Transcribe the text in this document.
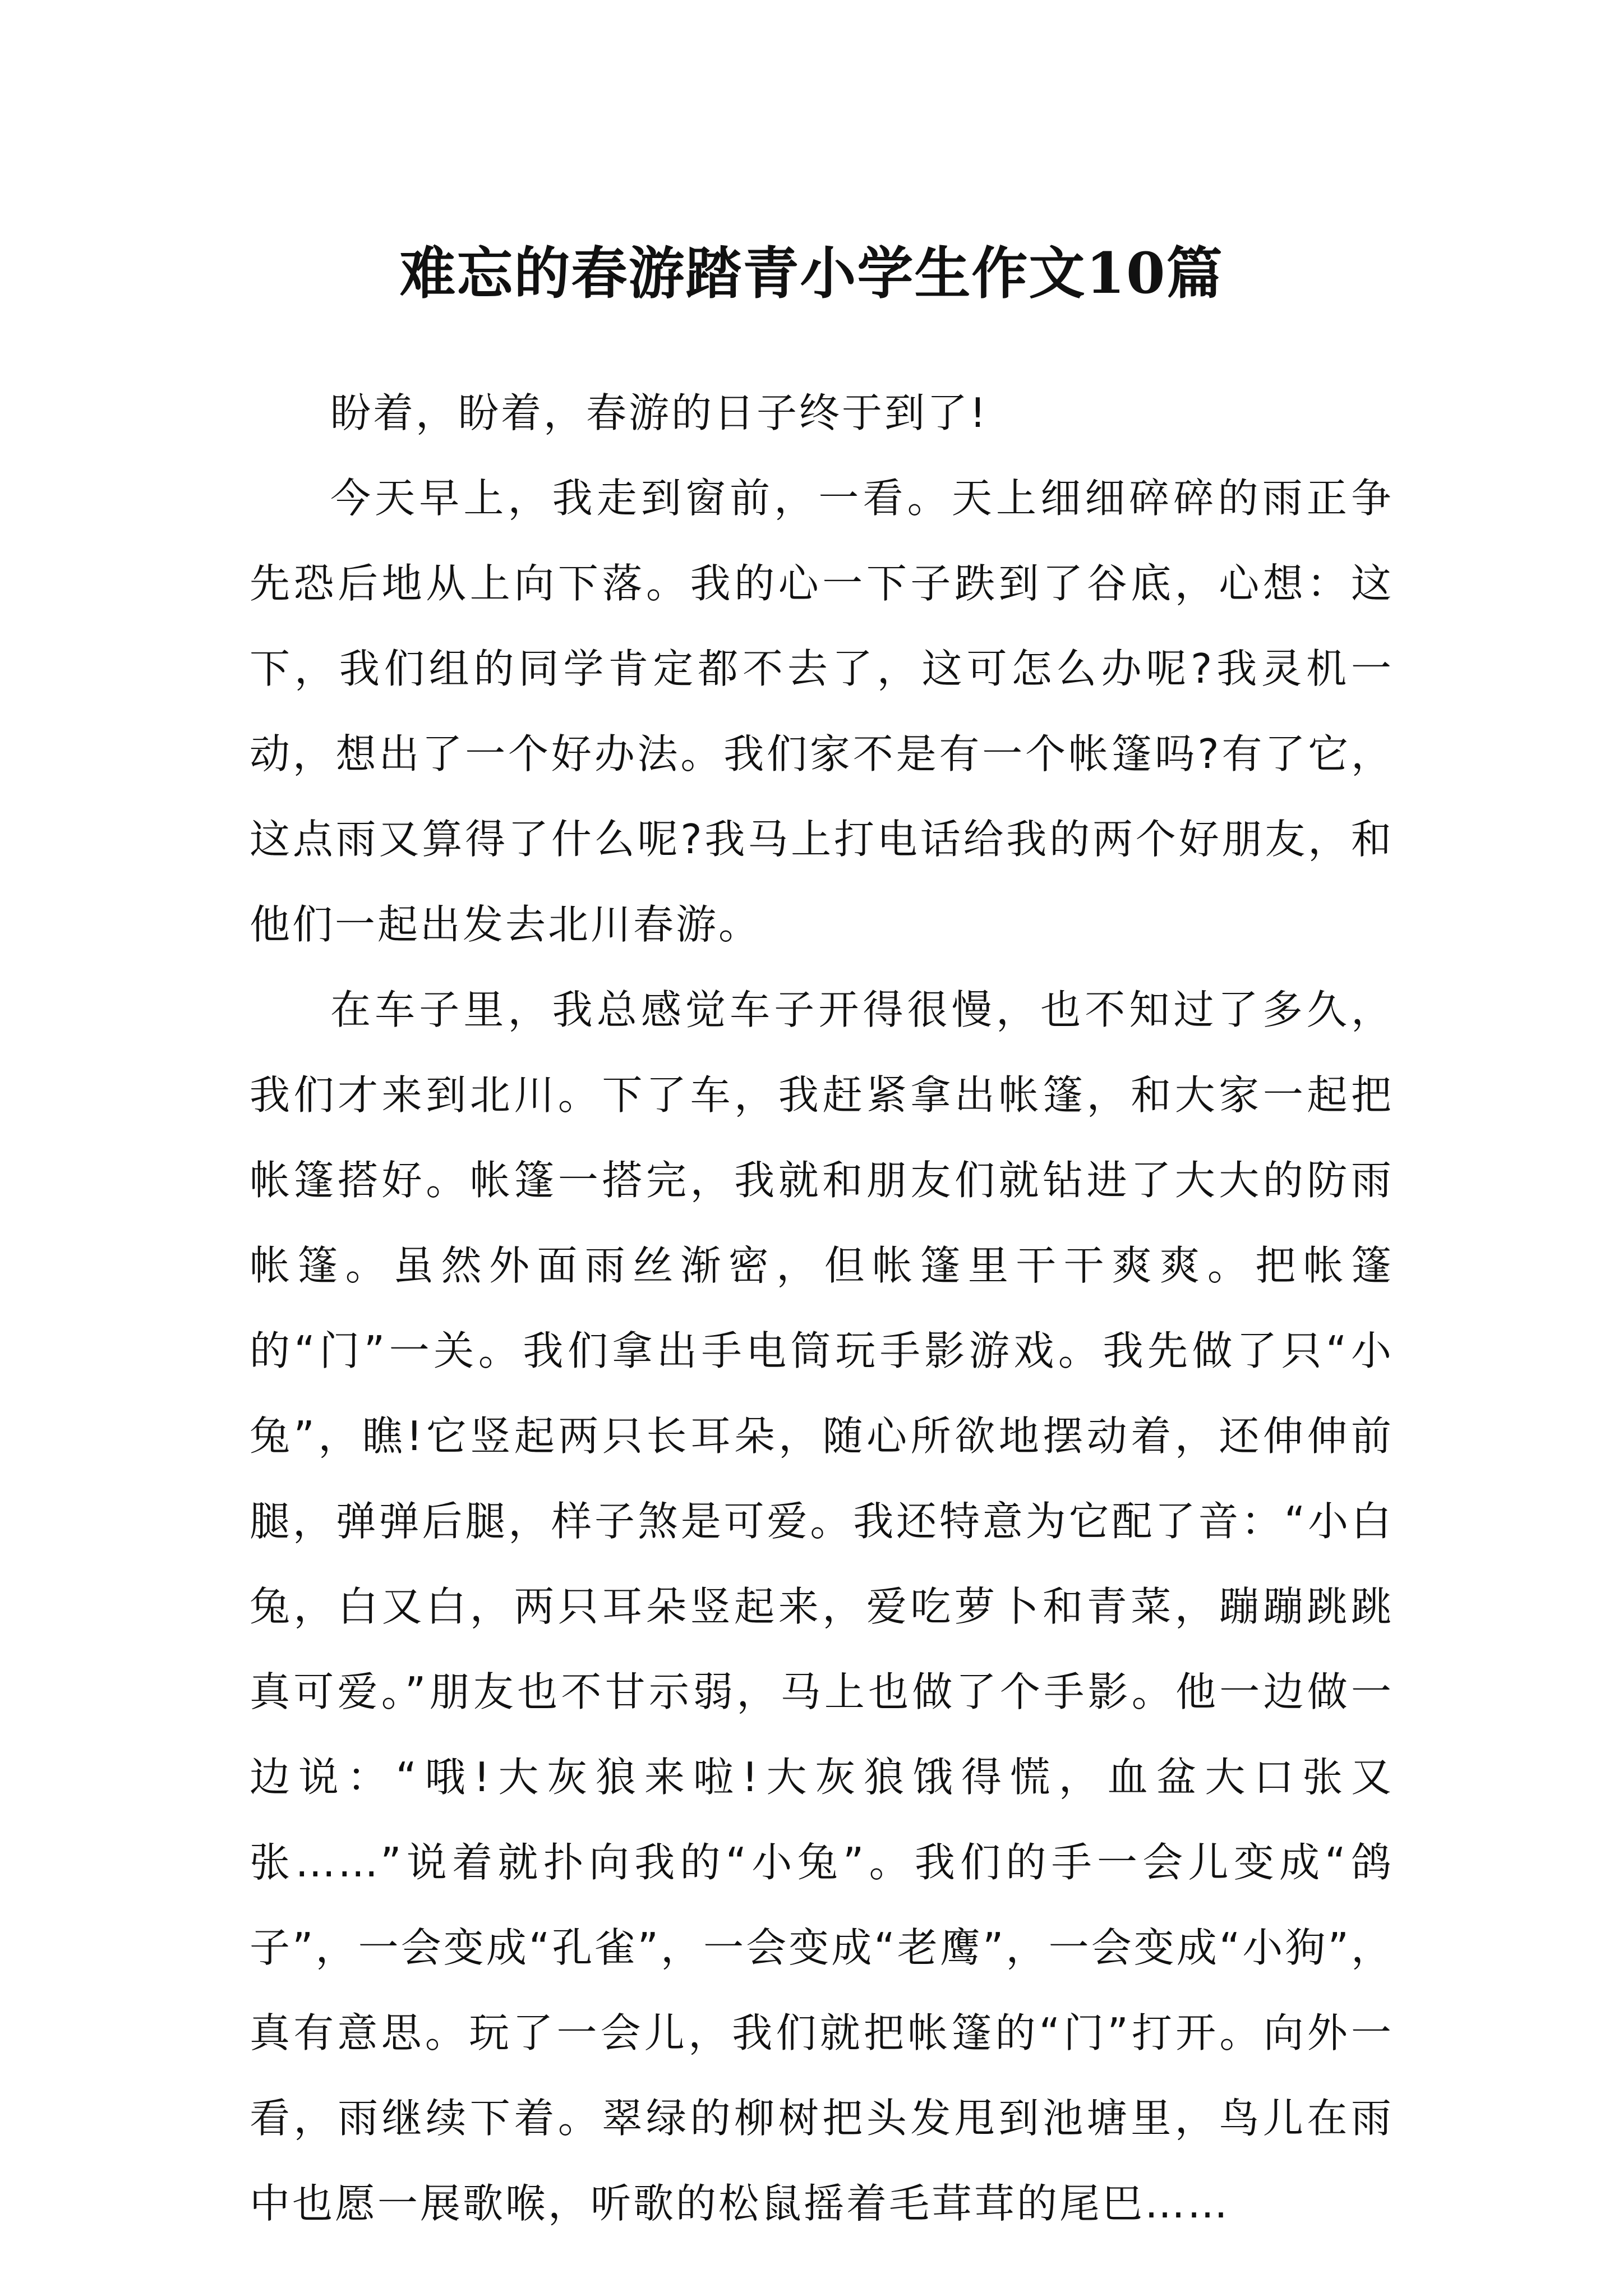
难忘的春游踏青小学生作文10篇

盼着，盼着，春游的日子终于到了!

今天早上，我走到窗前，一看。天上细细碎碎的雨正争先恐后地从上向下落。我的心一下子跌到了谷底，心想：这下，我们组的同学肯定都不去了，这可怎么办呢?我灵机一动，想出了一个好办法。我们家不是有一个帐篷吗?有了它，这点雨又算得了什么呢?我马上打电话给我的两个好朋友，和他们一起出发去北川春游。

在车子里，我总感觉车子开得很慢，也不知过了多久，我们才来到北川。下了车，我赶紧拿出帐篷，和大家一起把帐篷搭好。帐篷一搭完，我就和朋友们就钻进了大大的防雨帐篷。虽然外面雨丝渐密，但帐篷里干干爽爽。把帐篷的“门”一关。我们拿出手电筒玩手影游戏。我先做了只“小兔”，瞧!它竖起两只长耳朵，随心所欲地摆动着，还伸伸前腿，弹弹后腿，样子煞是可爱。我还特意为它配了音：“小白兔，白又白，两只耳朵竖起来，爱吃萝卜和青菜，蹦蹦跳跳真可爱。”朋友也不甘示弱，马上也做了个手影。他一边做一边说：“哦!大灰狼来啦!大灰狼饿得慌，血盆大口张又张……”说着就扑向我的“小兔”。我们的手一会儿变成“鸽子”，一会变成“孔雀”，一会变成“老鹰”，一会变成“小狗”，真有意思。玩了一会儿，我们就把帐篷的“门”打开。向外一看，雨继续下着。翠绿的柳树把头发甩到池塘里，鸟儿在雨中也愿一展歌喉，听歌的松鼠摇着毛茸茸的尾巴……
